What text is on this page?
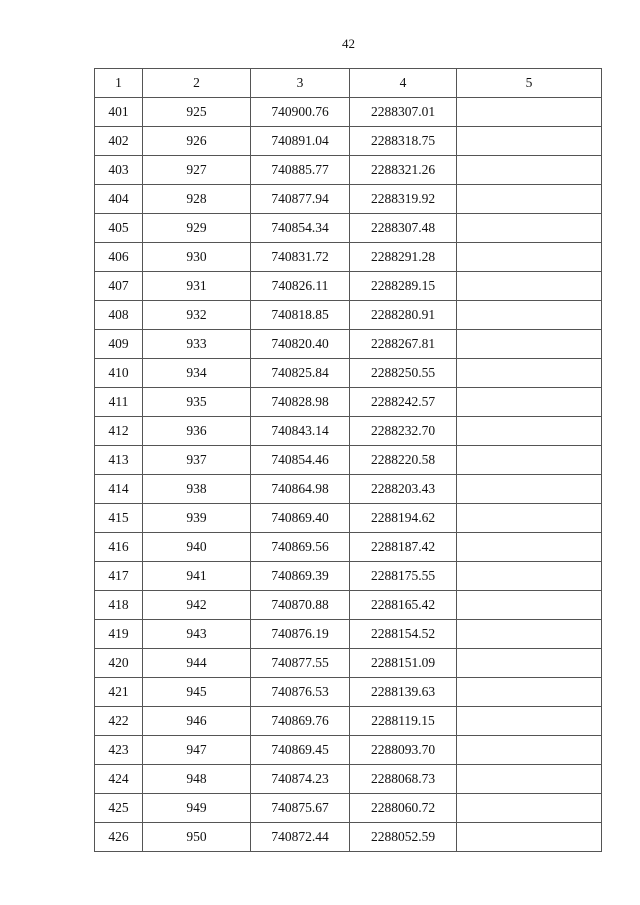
42
1	2	3	4	5
401	925	740900.76	2288307.01	
402	926	740891.04	2288318.75	
403	927	740885.77	2288321.26	
404	928	740877.94	2288319.92	
405	929	740854.34	2288307.48	
406	930	740831.72	2288291.28	
407	931	740826.11	2288289.15	
408	932	740818.85	2288280.91	
409	933	740820.40	2288267.81	
410	934	740825.84	2288250.55	
411	935	740828.98	2288242.57	
412	936	740843.14	2288232.70	
413	937	740854.46	2288220.58	
414	938	740864.98	2288203.43	
415	939	740869.40	2288194.62	
416	940	740869.56	2288187.42	
417	941	740869.39	2288175.55	
418	942	740870.88	2288165.42	
419	943	740876.19	2288154.52	
420	944	740877.55	2288151.09	
421	945	740876.53	2288139.63	
422	946	740869.76	2288119.15	
423	947	740869.45	2288093.70	
424	948	740874.23	2288068.73	
425	949	740875.67	2288060.72	
426	950	740872.44	2288052.59	
